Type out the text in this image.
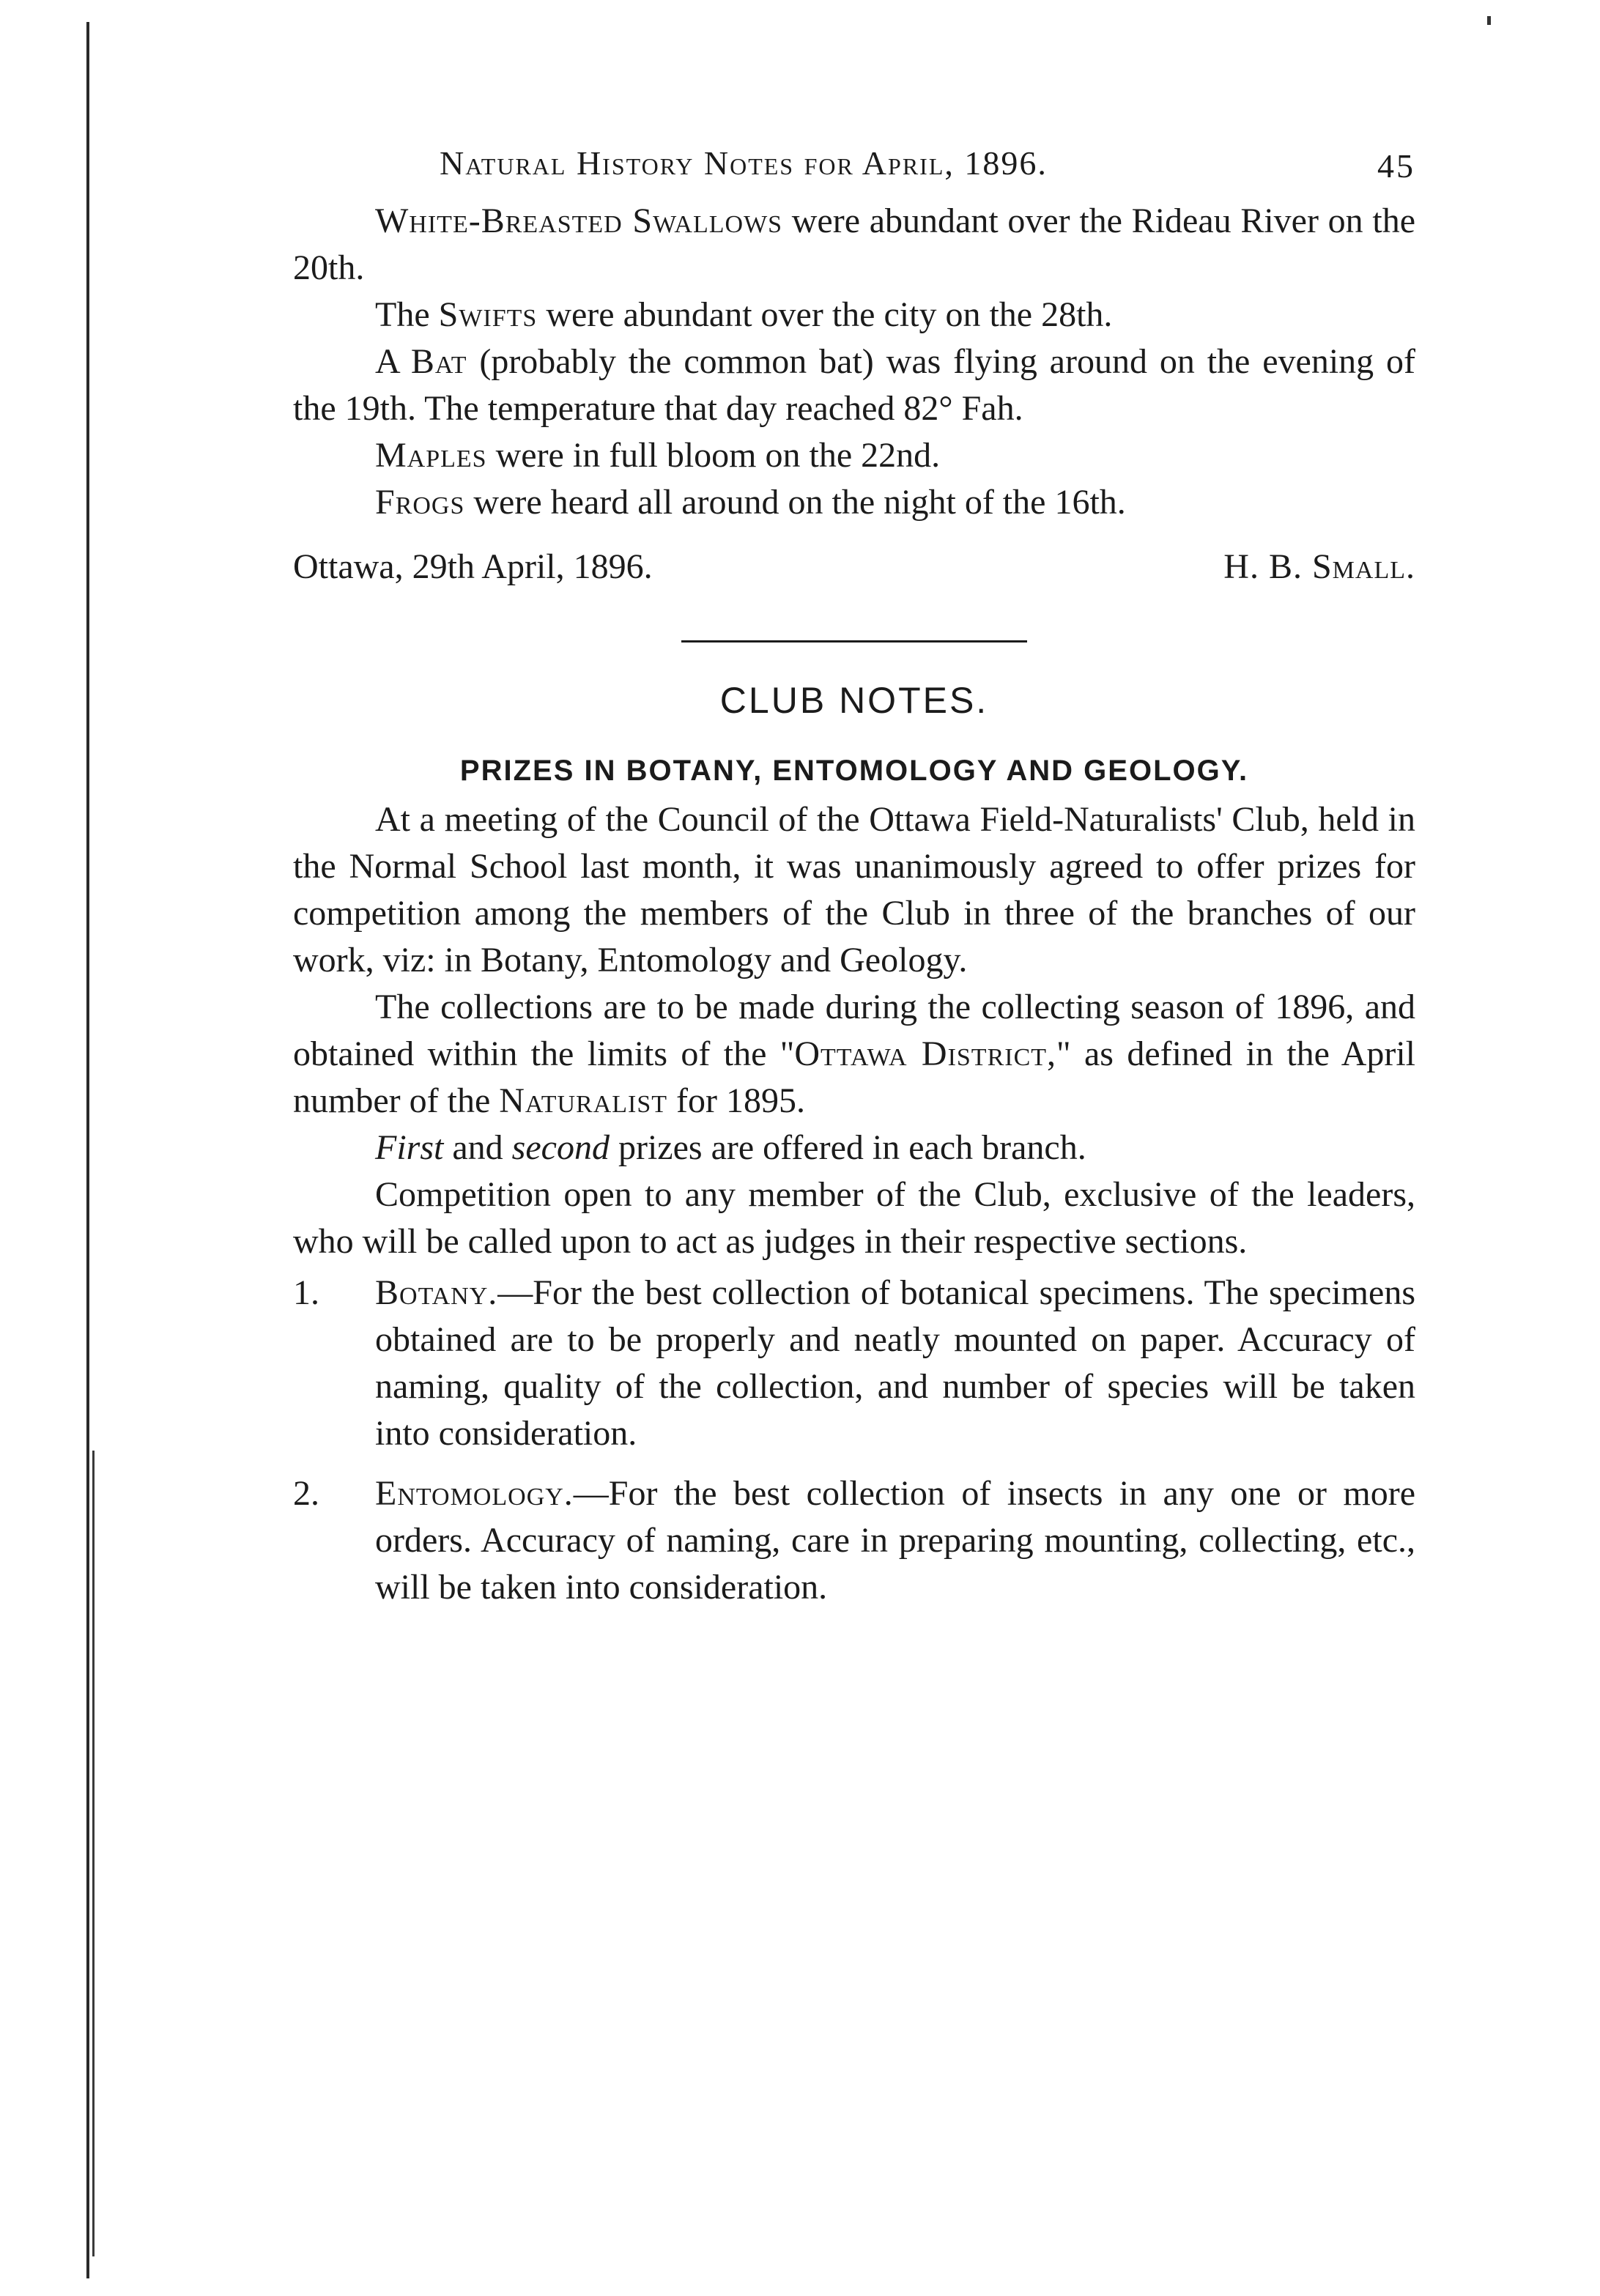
Natural History Notes for April, 1896.	45

White-Breasted Swallows were abundant over the Rideau River on the 20th.

The Swifts were abundant over the city on the 28th.

A Bat (probably the common bat) was flying around on the evening of the 19th. The temperature that day reached 82° Fah.

Maples were in full bloom on the 22nd.

Frogs were heard all around on the night of the 16th.

Ottawa, 29th April, 1896.	H. B. Small.
CLUB NOTES.
PRIZES IN BOTANY, ENTOMOLOGY AND GEOLOGY.

At a meeting of the Council of the Ottawa Field-Naturalists' Club, held in the Normal School last month, it was unanimously agreed to offer prizes for competition among the members of the Club in three of the branches of our work, viz: in Botany, Entomology and Geology.

The collections are to be made during the collecting season of 1896, and obtained within the limits of the "Ottawa District," as defined in the April number of the Naturalist for 1895.

First and second prizes are offered in each branch.

Competition open to any member of the Club, exclusive of the leaders, who will be called upon to act as judges in their respective sections.

1. Botany.—For the best collection of botanical specimens. The specimens obtained are to be properly and neatly mounted on paper. Accuracy of naming, quality of the collection, and number of species will be taken into consideration.
2. Entomology.—For the best collection of insects in any one or more orders. Accuracy of naming, care in preparing mounting, collecting, etc., will be taken into consideration.
